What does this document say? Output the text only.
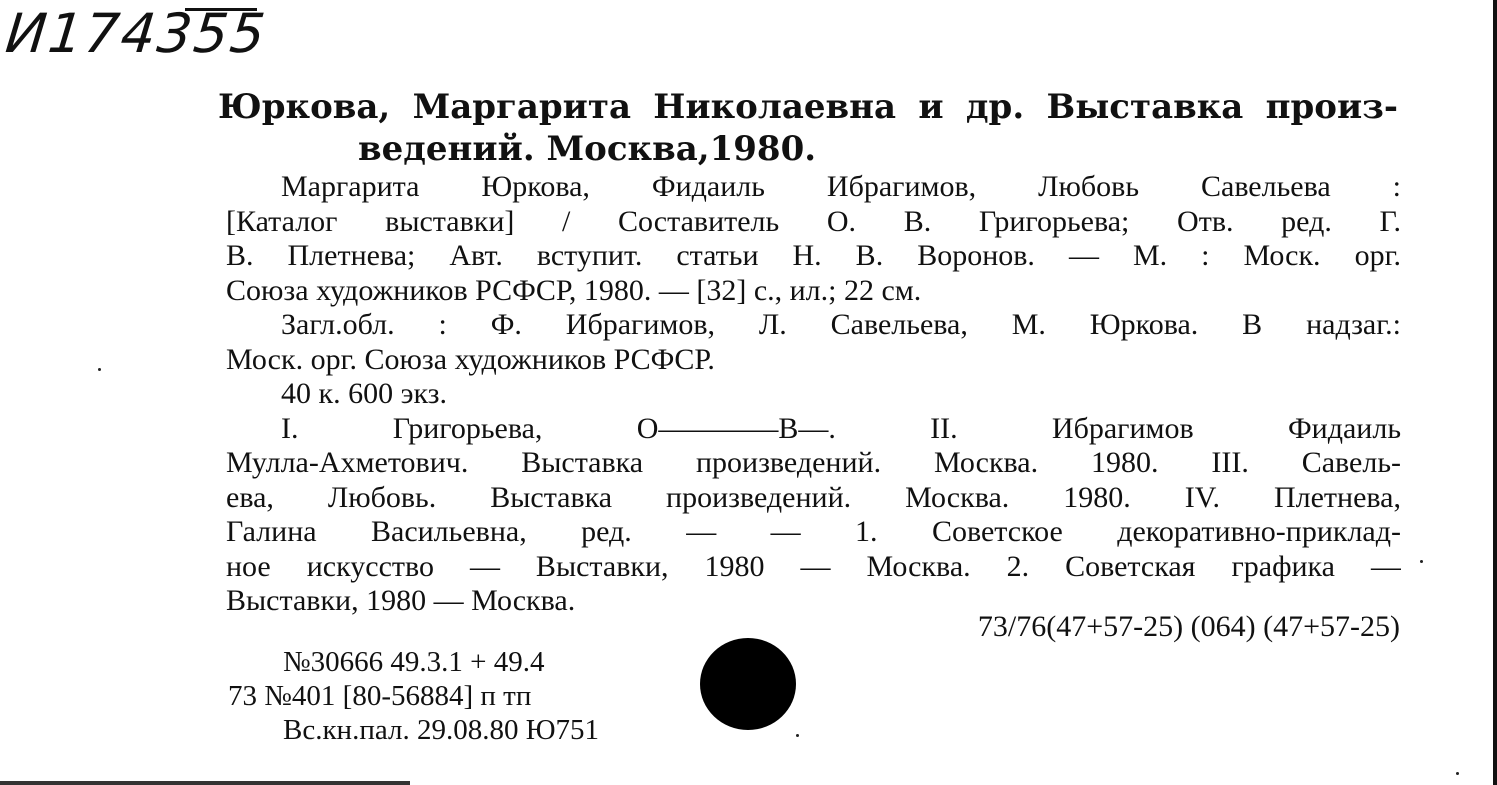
И174355
Юркова, Маргарита Николаевна и др. Выставка произ-
ведений. Москва,1980.
Маргарита Юркова, Фидаиль Ибрагимов, Любовь Савельева :
[Каталог выставки] / Составитель О. В. Григорьева; Отв. ред. Г.
В. Плетнева; Авт. вступит. статьи Н. В. Воронов. — М. : Моск. орг.
Союза художников РСФСР, 1980. — [32] с., ил.; 22 см.
Загл.обл. : Ф. Ибрагимов, Л. Савельева, М. Юркова. В надзаг.:
Моск. орг. Союза художников РСФСР.
40 к. 600 экз.
I. Григорьева, О————В—. II. Ибрагимов Фидаиль
Мулла-Ахметович. Выставка произведений. Москва. 1980. III. Савель-
ева, Любовь. Выставка произведений. Москва. 1980. IV. Плетнева,
Галина Васильевна, ред. — — 1. Советское декоративно-приклад-
ное искусство — Выставки, 1980 — Москва. 2. Советская графика —
Выставки, 1980 — Москва.
73/76(47+57-25) (064) (47+57-25)
№30666 49.3.1 + 49.4
73 №401 [80-56884] п тп
Вс.кн.пал. 29.08.80 Ю751
